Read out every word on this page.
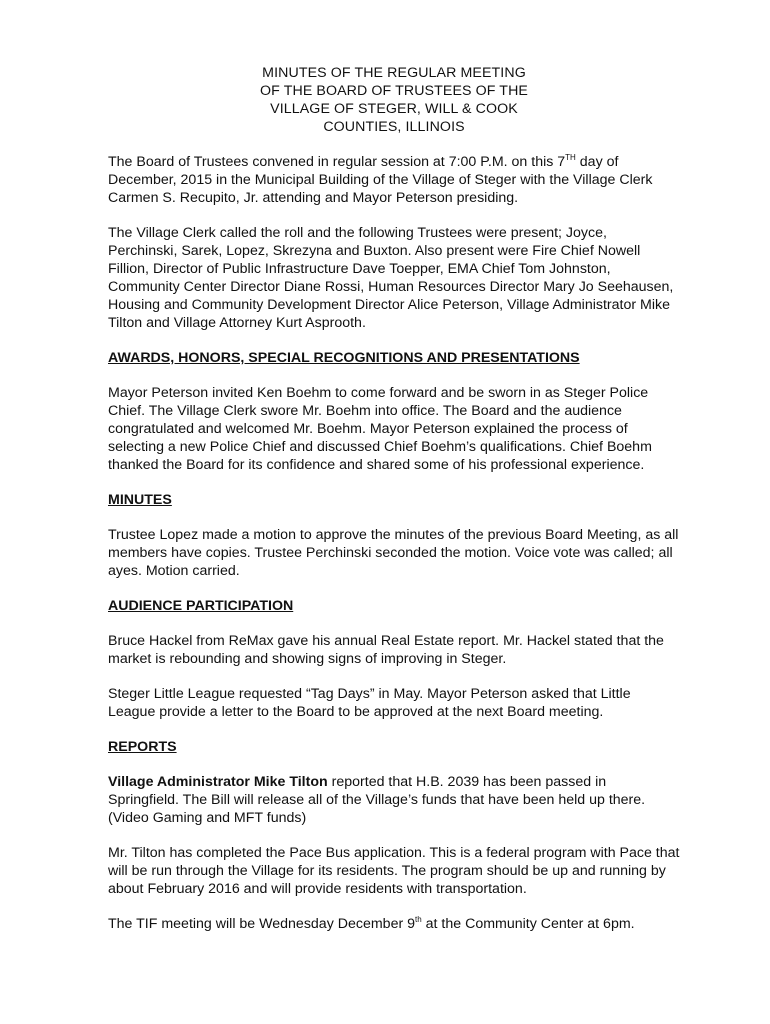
MINUTES OF THE REGULAR MEETING
OF THE BOARD OF TRUSTEES OF THE
VILLAGE OF STEGER, WILL & COOK
COUNTIES, ILLINOIS

The Board of Trustees convened in regular session at 7:00 P.M. on this 7TH day of December, 2015 in the Municipal Building of the Village of Steger with the Village Clerk Carmen S. Recupito, Jr. attending and Mayor Peterson presiding.

The Village Clerk called the roll and the following Trustees were present; Joyce, Perchinski, Sarek, Lopez, Skrezyna and Buxton. Also present were Fire Chief Nowell Fillion, Director of Public Infrastructure Dave Toepper, EMA Chief Tom Johnston, Community Center Director Diane Rossi, Human Resources Director Mary Jo Seehausen, Housing and Community Development Director Alice Peterson, Village Administrator Mike Tilton and Village Attorney Kurt Asprooth.

AWARDS, HONORS, SPECIAL RECOGNITIONS AND PRESENTATIONS

Mayor Peterson invited Ken Boehm to come forward and be sworn in as Steger Police Chief. The Village Clerk swore Mr. Boehm into office. The Board and the audience congratulated and welcomed Mr. Boehm. Mayor Peterson explained the process of selecting a new Police Chief and discussed Chief Boehm’s qualifications. Chief Boehm thanked the Board for its confidence and shared some of his professional experience.

MINUTES

Trustee Lopez made a motion to approve the minutes of the previous Board Meeting, as all members have copies. Trustee Perchinski seconded the motion. Voice vote was called; all ayes. Motion carried.

AUDIENCE PARTICIPATION

Bruce Hackel from ReMax gave his annual Real Estate report. Mr. Hackel stated that the market is rebounding and showing signs of improving in Steger.

Steger Little League requested “Tag Days” in May. Mayor Peterson asked that Little League provide a letter to the Board to be approved at the next Board meeting.

REPORTS

Village Administrator Mike Tilton reported that H.B. 2039 has been passed in Springfield. The Bill will release all of the Village’s funds that have been held up there. (Video Gaming and MFT funds)

Mr. Tilton has completed the Pace Bus application. This is a federal program with Pace that will be run through the Village for its residents. The program should be up and running by about February 2016 and will provide residents with transportation.

The TIF meeting will be Wednesday December 9th at the Community Center at 6pm.
